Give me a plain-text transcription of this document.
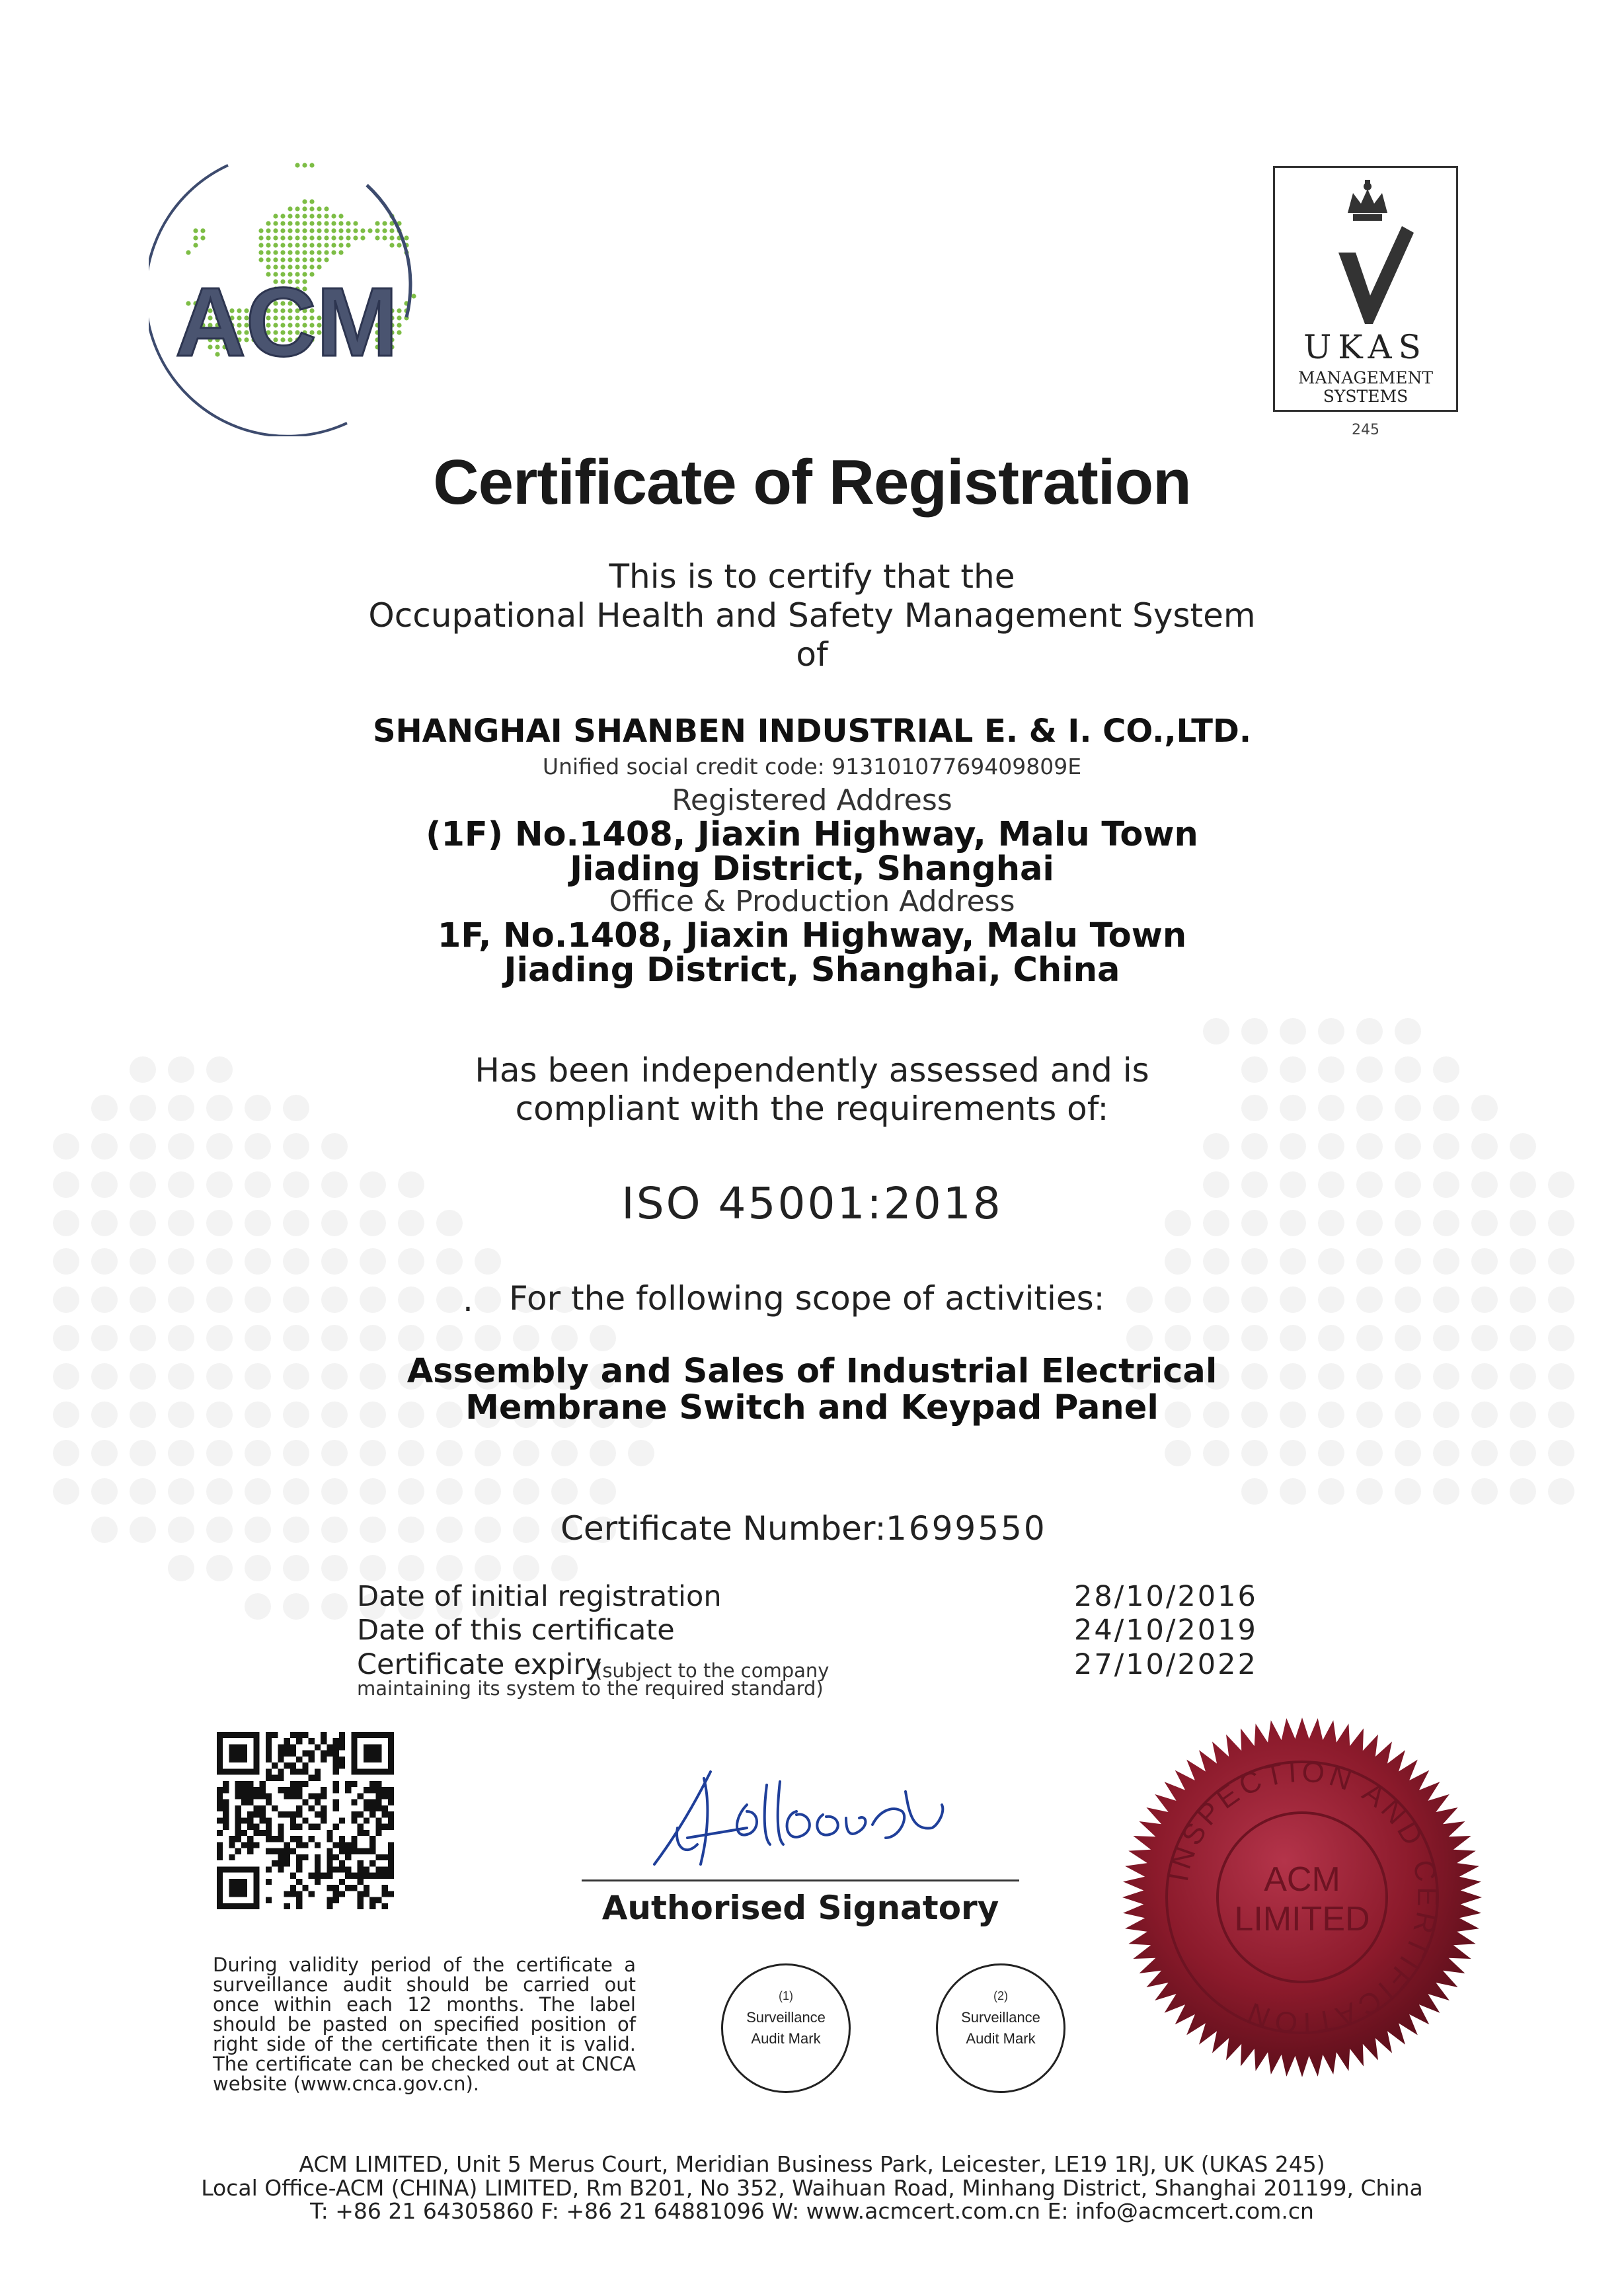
ACM	UKAS
MANAGEMENT
SYSTEMS
245
Certificate of Registration
This is to certify that the
Occupational Health and Safety Management System
of
SHANGHAI SHANBEN INDUSTRIAL E. & I. CO.,LTD.
Unified social credit code: 91310107769409809E
Registered Address
(1F) No.1408, Jiaxin Highway, Malu Town
Jiading District, Shanghai
Office & Production Address
1F, No.1408, Jiaxin Highway, Malu Town
Jiading District, Shanghai, China
Has been independently assessed and is
compliant with the requirements of:
ISO 45001:2018
. For the following scope of activities:
Assembly and Sales of Industrial Electrical
Membrane Switch and Keypad Panel
Certificate Number: 1699550
Date of initial registration	28/10/2016
Date of this certificate	24/10/2019
Certificate expiry	27/10/2022
(subject to the company
maintaining its system to the required standard)
Authorised Signatory
During validity period of the certificate a surveillance audit should be carried out once within each 12 months. The label should be pasted on specified position of right side of the certificate then it is valid. The certificate can be checked out at CNCA website (www.cnca.gov.cn).
(1)
Surveillance
Audit Mark
(2)
Surveillance
Audit Mark
INSPECTION AND CERTIFICATION
ACM
LIMITED
ACM LIMITED, Unit 5 Merus Court, Meridian Business Park, Leicester, LE19 1RJ, UK (UKAS 245)
Local Office-ACM (CHINA) LIMITED, Rm B201, No 352, Waihuan Road, Minhang District, Shanghai 201199, China
T: +86 21 64305860 F: +86 21 64881096 W: www.acmcert.com.cn E: info@acmcert.com.cn
